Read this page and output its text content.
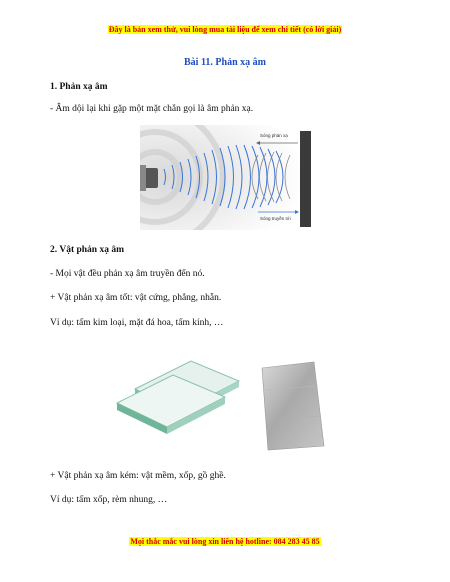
Đây là bản xem thử, vui lòng mua tài liệu để xem chi tiết (có lời giải)
Bài 11. Phản xạ âm
1. Phản xạ âm
- Âm dội lại khi gặp một mặt chắn gọi là âm phản xạ.
Sóng phản xạ
Sóng truyền tới
2. Vật phản xạ âm
- Mọi vật đều phản xạ âm truyền đến nó.
+ Vật phản xạ âm tốt: vật cứng, phẳng, nhẵn.
Ví dụ: tấm kim loại, mặt đá hoa, tấm kính, …
+ Vật phản xạ âm kém: vật mềm, xốp, gồ ghề.
Ví dụ: tấm xốp, rèm nhung, …
Mọi thắc mắc vui lòng xin liên hệ hotline: 084 283 45 85
